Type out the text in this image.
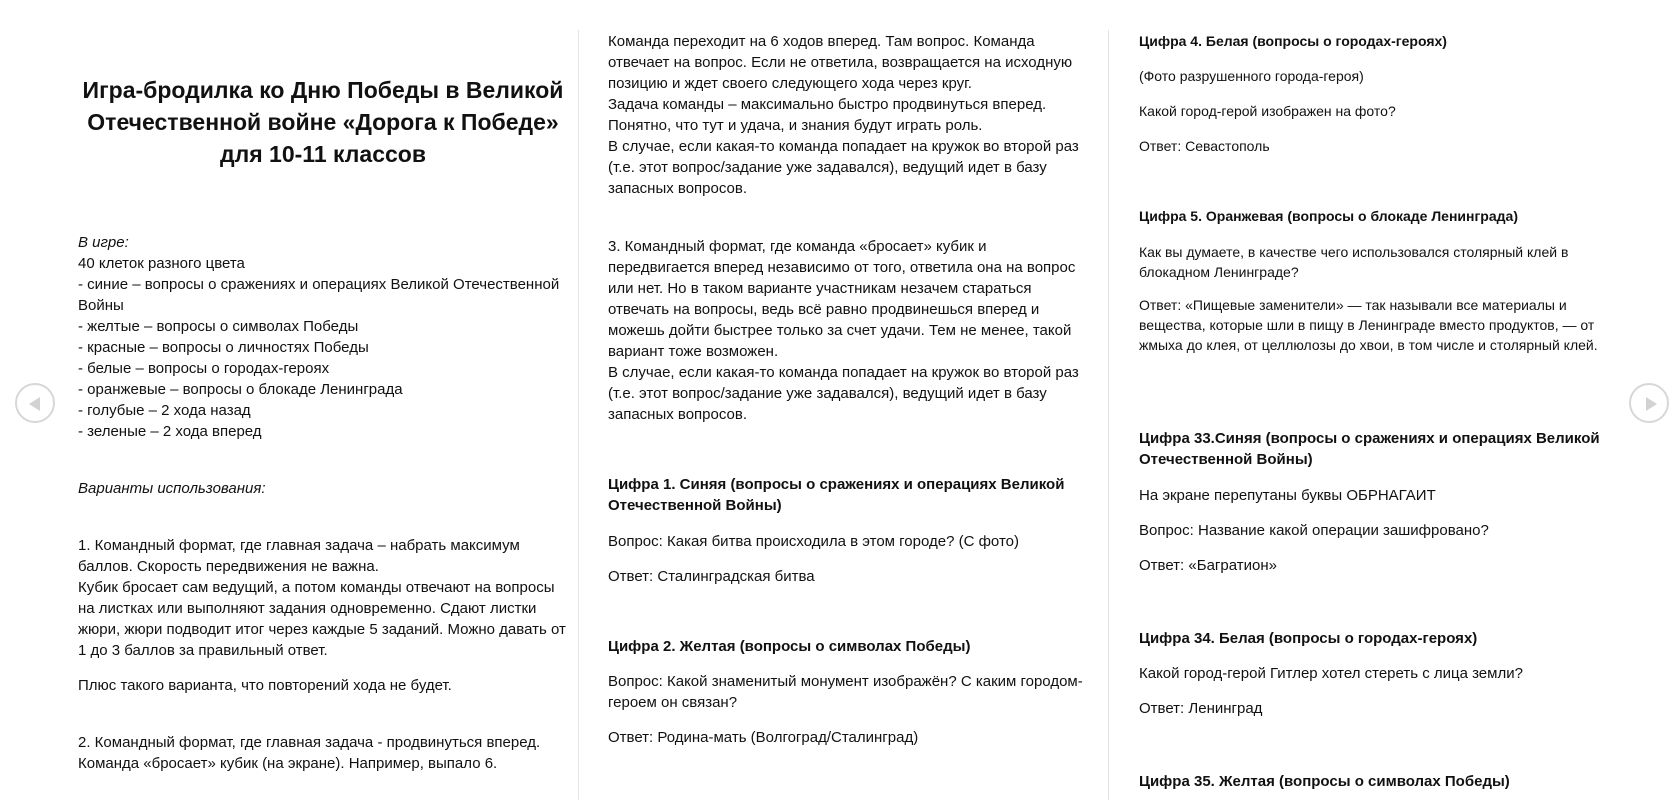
Игра-бродилка ко Дню Победы в Великой Отечественной войне «Дорога к Победе» для 10-11 классов

В игре:

40 клеток разного цвета

- синие – вопросы о сражениях и операциях Великой Отечественной Войны

- желтые – вопросы о символах Победы

- красные – вопросы о личностях Победы

- белые – вопросы о городах-героях

- оранжевые – вопросы о блокаде Ленинграда

- голубые – 2 хода назад

- зеленые – 2 хода вперед

Варианты использования:

1. Командный формат, где главная задача – набрать максимум баллов. Скорость передвижения не важна.

Кубик бросает сам ведущий, а потом команды отвечают на вопросы на листках или выполняют задания одновременно. Сдают листки жюри, жюри подводит итог через каждые 5 заданий. Можно давать от 1 до 3 баллов за правильный ответ.

Плюс такого варианта, что повторений хода не будет.

2. Командный формат, где главная задача - продвинуться вперед. Команда «бросает» кубик (на экране). Например, выпало 6.

Команда переходит на 6 ходов вперед. Там вопрос. Команда отвечает на вопрос. Если не ответила, возвращается на исходную позицию и ждет своего следующего хода через круг.

Задача команды – максимально быстро продвинуться вперед. Понятно, что тут и удача, и знания будут играть роль.

В случае, если какая-то команда попадает на кружок во второй раз (т.е. этот вопрос/задание уже задавался), ведущий идет в базу запасных вопросов.

3. Командный формат, где команда «бросает» кубик и передвигается вперед независимо от того, ответила она на вопрос или нет. Но в таком варианте участникам незачем стараться отвечать на вопросы, ведь всё равно продвинешься вперед и можешь дойти быстрее только за счет удачи. Тем не менее, такой вариант тоже возможен.

В случае, если какая-то команда попадает на кружок во второй раз (т.е. этот вопрос/задание уже задавался), ведущий идет в базу запасных вопросов.

Цифра 1. Синяя (вопросы о сражениях и операциях Великой Отечественной Войны)

Вопрос: Какая битва происходила в этом городе? (С фото)

Ответ: Сталинградская битва

Цифра 2. Желтая (вопросы о символах Победы)

Вопрос: Какой знаменитый монумент изображён? С каким городом-героем он связан?

Ответ: Родина-мать (Волгоград/Сталинград)

Цифра 4. Белая (вопросы о городах-героях)

(Фото разрушенного города-героя)

Какой город-герой изображен на фото?

Ответ: Севастополь

Цифра 5. Оранжевая (вопросы о блокаде Ленинграда)

Как вы думаете, в качестве чего использовался столярный клей в блокадном Ленинграде?

Ответ: «Пищевые заменители» — так называли все материалы и вещества, которые шли в пищу в Ленинграде вместо продуктов, — от жмыха до клея, от целлюлозы до хвои, в том числе и столярный клей.

Цифра 33.Синяя (вопросы о сражениях и операциях Великой Отечественной Войны)

На экране перепутаны буквы ОБРНАГАИТ

Вопрос: Название какой операции зашифровано?

Ответ: «Багратион»

Цифра 34. Белая (вопросы о городах-героях)

Какой город-герой Гитлер хотел стереть с лица земли?

Ответ: Ленинград

Цифра 35. Желтая (вопросы о символах Победы)
